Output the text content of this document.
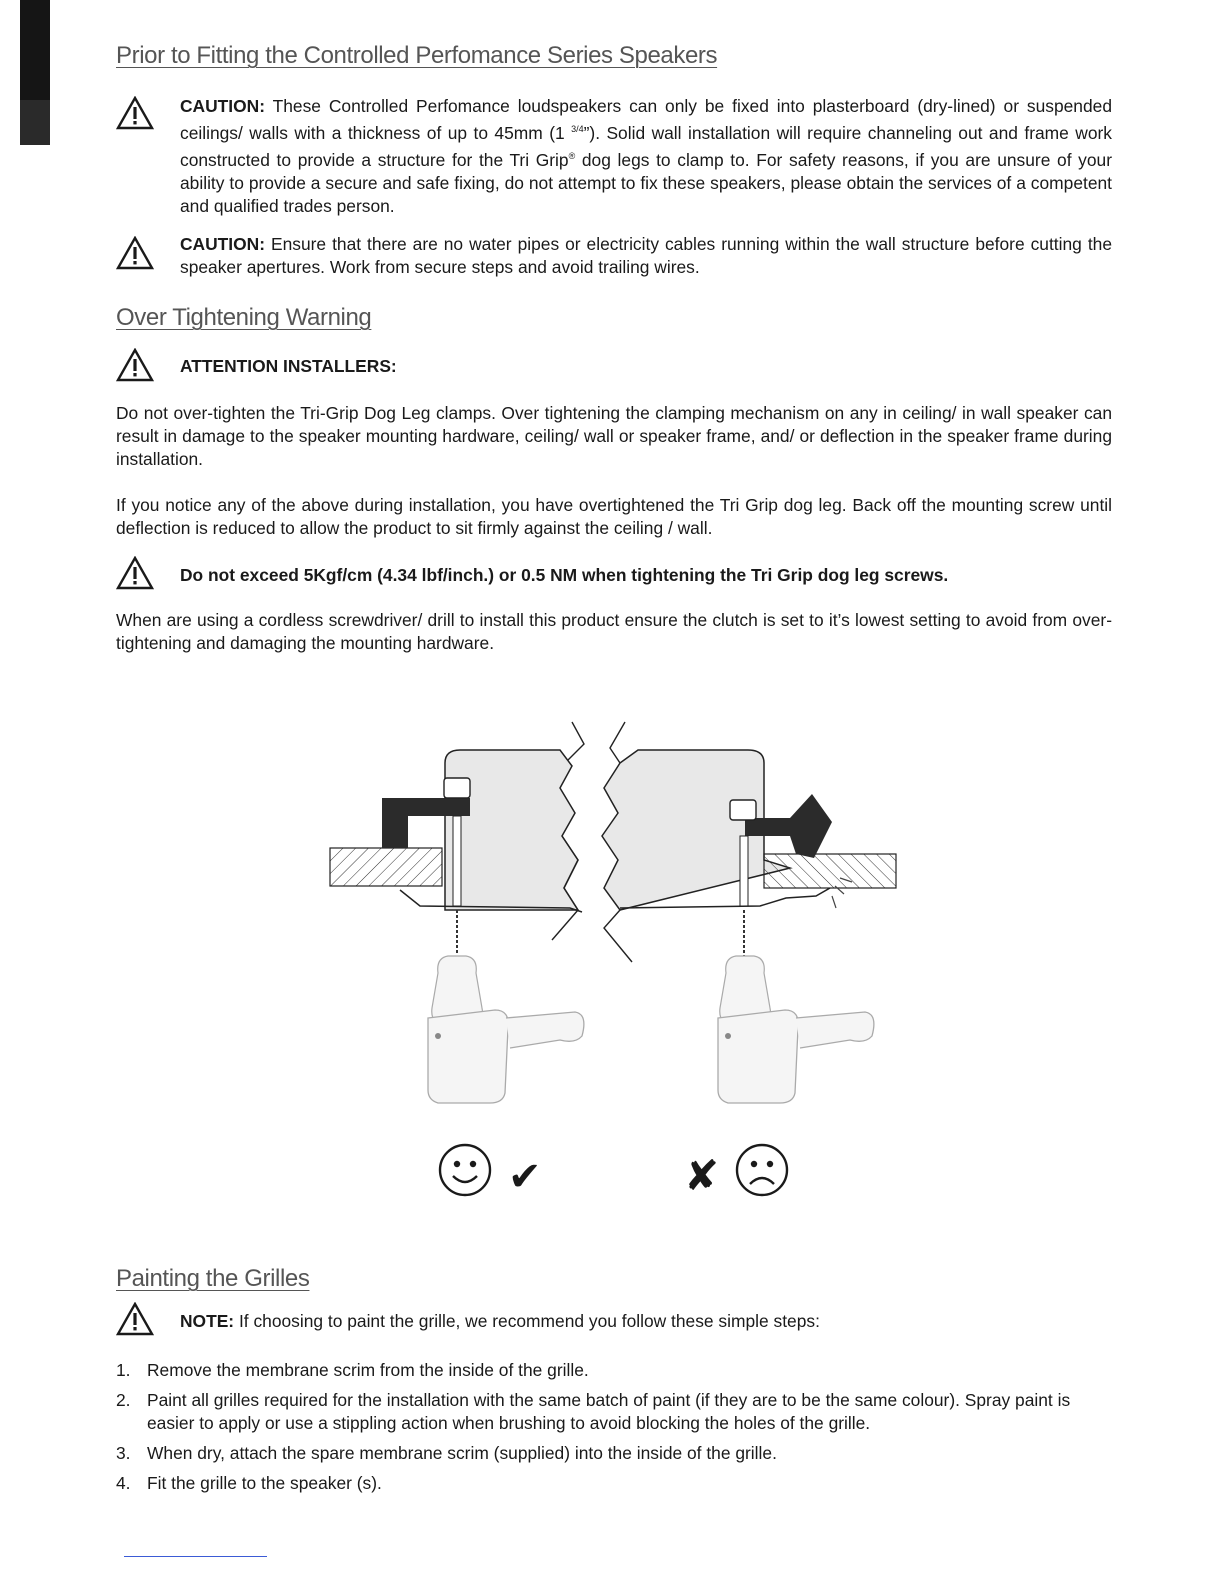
Prior to Fitting the Controlled Perfomance Series Speakers

CAUTION: These Controlled Perfomance loudspeakers can only be fixed into plasterboard (dry-lined) or suspended ceilings/ walls with a thickness of up to 45mm (1 $^{3/4}$”). Solid wall installation will require channeling out and frame work constructed to provide a structure for the Tri Grip® dog legs to clamp to. For safety reasons, if you are unsure of your ability to provide a secure and safe fixing, do not attempt to fix these speakers, please obtain the services of a competent and qualified trades person.

CAUTION: Ensure that there are no water pipes or electricity cables running within the wall structure before cutting the speaker apertures. Work from secure steps and avoid trailing wires.

Over Tightening Warning

ATTENTION INSTALLERS:

Do not over-tighten the Tri-Grip Dog Leg clamps. Over tightening the clamping mechanism on any in ceiling/ in wall speaker can result in damage to the speaker mounting hardware, ceiling/ wall or speaker frame, and/ or deflection in the speaker frame during installation.

If you notice any of the above during installation, you have overtightened the Tri Grip dog leg. Back off the mounting screw until deflection is reduced to allow the product to sit firmly against the ceiling / wall.

Do not exceed 5Kgf/cm (4.34 lbf/inch.) or 0.5 NM when tightening the Tri Grip dog leg screws.

When are using a cordless screwdriver/ drill to install this product ensure the clutch is set to it’s lowest setting to avoid from over-tightening and damaging the mounting hardware.

✔	✘
Painting the Grilles

NOTE: If choosing to paint the grille, we recommend you follow these simple steps:

1. Remove the membrane scrim from the inside of the grille.
2. Paint all grilles required for the installation with the same batch of paint (if they are to be the same colour). Spray paint is easier to apply or use a stippling action when brushing to avoid blocking the holes of the grille.
3. When dry, attach the spare membrane scrim (supplied) into the inside of the grille.
4. Fit the grille to the speaker (s).
